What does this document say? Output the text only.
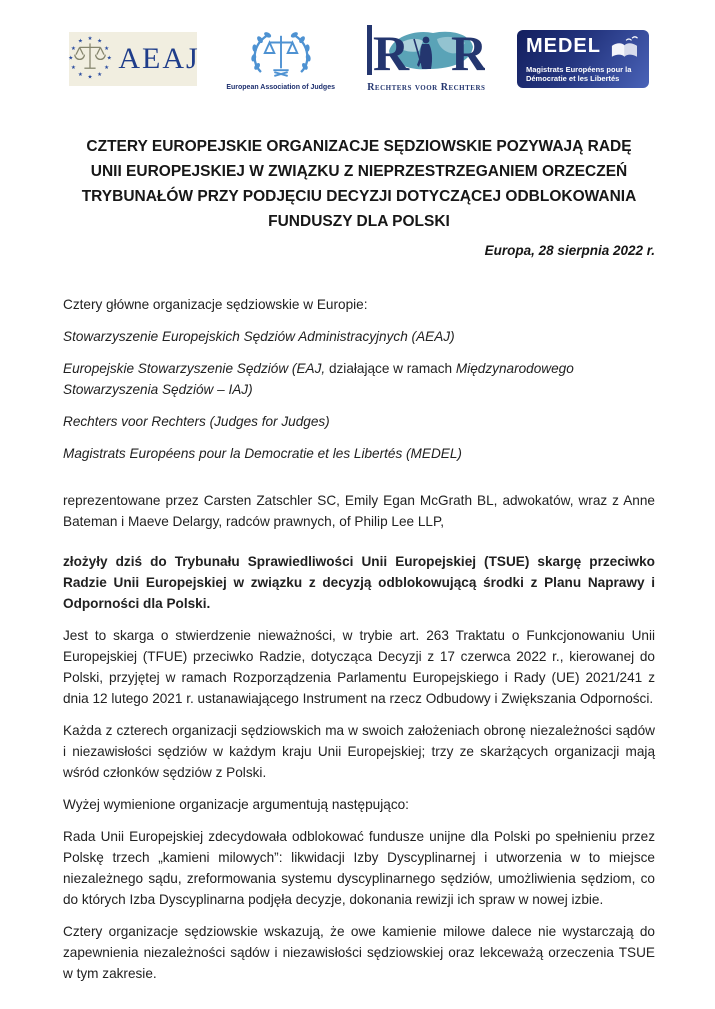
★
★
★
★
★
★
★
★
★ ★ ★
★ AEAJ
European Association of Judges
R R
Rechters voor Rechters
MEDEL
Magistrats Européens pour la
Démocratie et les Libertés
CZTERY EUROPEJSKIE ORGANIZACJE SĘDZIOWSKIE POZYWAJĄ RADĘ UNII EUROPEJSKIEJ W ZWIĄZKU Z NIEPRZESTRZEGANIEM ORZECZEŃ TRYBUNAŁÓW PRZY PODJĘCIU DECYZJI DOTYCZĄCEJ ODBLOKOWANIA FUNDUSZY DLA POLSKI
Europa, 28 sierpnia 2022 r.

Cztery główne organizacje sędziowskie w Europie:

Stowarzyszenie Europejskich Sędziów Administracyjnych (AEAJ)

Europejskie Stowarzyszenie Sędziów (EAJ, działające w ramach Międzynarodowego Stowarzyszenia Sędziów – IAJ)

Rechters voor Rechters (Judges for Judges)

Magistrats Européens pour la Democratie et les Libertés (MEDEL)

reprezentowane przez Carsten Zatschler SC, Emily Egan McGrath BL, adwokatów, wraz z Anne Bateman i Maeve Delargy, radców prawnych, of Philip Lee LLP,

złożyły dziś do Trybunału Sprawiedliwości Unii Europejskiej (TSUE) skargę przeciwko Radzie Unii Europejskiej w związku z decyzją odblokowującą środki z Planu Naprawy i Odporności dla Polski.

Jest to skarga o stwierdzenie nieważności, w trybie art. 263 Traktatu o Funkcjonowaniu Unii Europejskiej (TFUE) przeciwko Radzie, dotycząca Decyzji z 17 czerwca 2022 r., kierowanej do Polski, przyjętej w ramach Rozporządzenia Parlamentu Europejskiego i Rady (UE) 2021/241 z dnia 12 lutego 2021 r. ustanawiającego Instrument na rzecz Odbudowy i Zwiększania Odporności.

Każda z czterech organizacji sędziowskich ma w swoich założeniach obronę niezależności sądów i niezawisłości sędziów w każdym kraju Unii Europejskiej; trzy ze skarżących organizacji mają wśród członków sędziów z Polski.

Wyżej wymienione organizacje argumentują następująco:

Rada Unii Europejskiej zdecydowała odblokować fundusze unijne dla Polski po spełnieniu przez Polskę trzech „kamieni milowych”: likwidacji Izby Dyscyplinarnej i utworzenia w to miejsce niezależnego sądu, zreformowania systemu dyscyplinarnego sędziów, umożliwienia sędziom, co do których Izba Dyscyplinarna podjęła decyzje, dokonania rewizji ich spraw w nowej izbie.

Cztery organizacje sędziowskie wskazują, że owe kamienie milowe dalece nie wystarczają do zapewnienia niezależności sądów i niezawisłości sędziowskiej oraz lekceważą orzeczenia TSUE w tym zakresie.
